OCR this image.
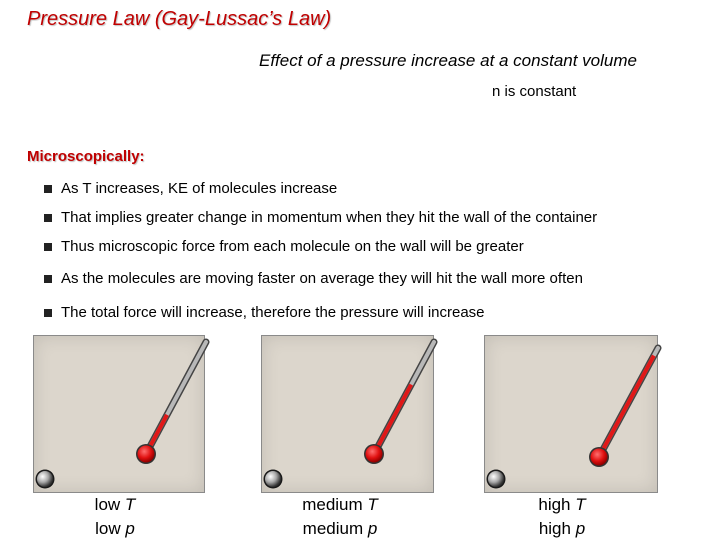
Pressure Law (Gay-Lussac’s Law)
Effect of a pressure increase at a constant volume
n is constant
Microscopically:
As T increases, KE of molecules increase
That implies greater change in momentum when they hit the wall of the container
Thus microscopic force from each molecule on the wall will be greater
As the molecules are moving faster on average they will hit the wall more often
The total force will increase, therefore the pressure will increase
low T
low p
medium T
medium p
high T
high p
